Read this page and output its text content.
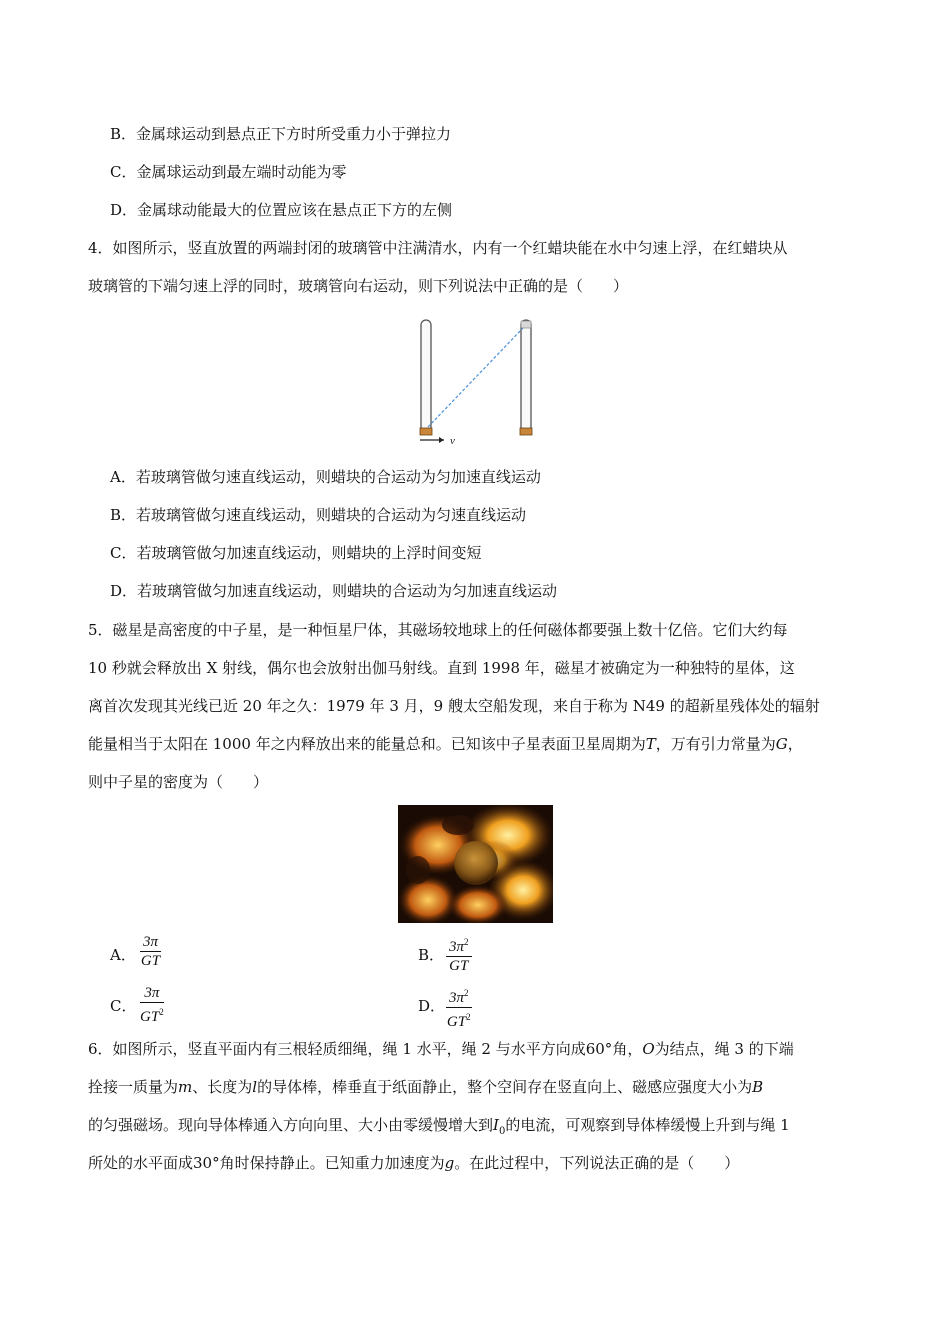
B．金属球运动到悬点正下方时所受重力小于弹拉力
C．金属球运动到最左端时动能为零
D．金属球动能最大的位置应该在悬点正下方的左侧
4．如图所示，竖直放置的两端封闭的玻璃管中注满清水，内有一个红蜡块能在水中匀速上浮，在红蜡块从
玻璃管的下端匀速上浮的同时，玻璃管向右运动，则下列说法中正确的是（　　）
v
A．若玻璃管做匀速直线运动，则蜡块的合运动为匀加速直线运动
B．若玻璃管做匀速直线运动，则蜡块的合运动为匀速直线运动
C．若玻璃管做匀加速直线运动，则蜡块的上浮时间变短
D．若玻璃管做匀加速直线运动，则蜡块的合运动为匀加速直线运动
5．磁星是高密度的中子星，是一种恒星尸体，其磁场较地球上的任何磁体都要强上数十亿倍。它们大约每
10 秒就会释放出 X 射线，偶尔也会放射出伽马射线。直到 1998 年，磁星才被确定为一种独特的星体，这
离首次发现其光线已近 20 年之久：1979 年 3 月，9 艘太空船发现，来自于称为 N49 的超新星残体处的辐射
能量相当于太阳在 1000 年之内释放出来的能量总和。已知该中子星表面卫星周期为T，万有引力常量为G，
则中子星的密度为（　　）
A． $\frac{3\pi}{GT}$	B． $\frac{3\pi^2}{GT}$
C． $\frac{3\pi}{GT^2}$	D． $\frac{3\pi^2}{GT^2}$
6．如图所示，竖直平面内有三根轻质细绳，绳 1 水平，绳 2 与水平方向成60°角，O为结点，绳 3 的下端
拴接一质量为m、长度为l的导体棒，棒垂直于纸面静止，整个空间存在竖直向上、磁感应强度大小为B
的匀强磁场。现向导体棒通入方向向里、大小由零缓慢增大到$I_0$的电流，可观察到导体棒缓慢上升到与绳 1
所处的水平面成30°角时保持静止。已知重力加速度为g。在此过程中，下列说法正确的是（　　）
